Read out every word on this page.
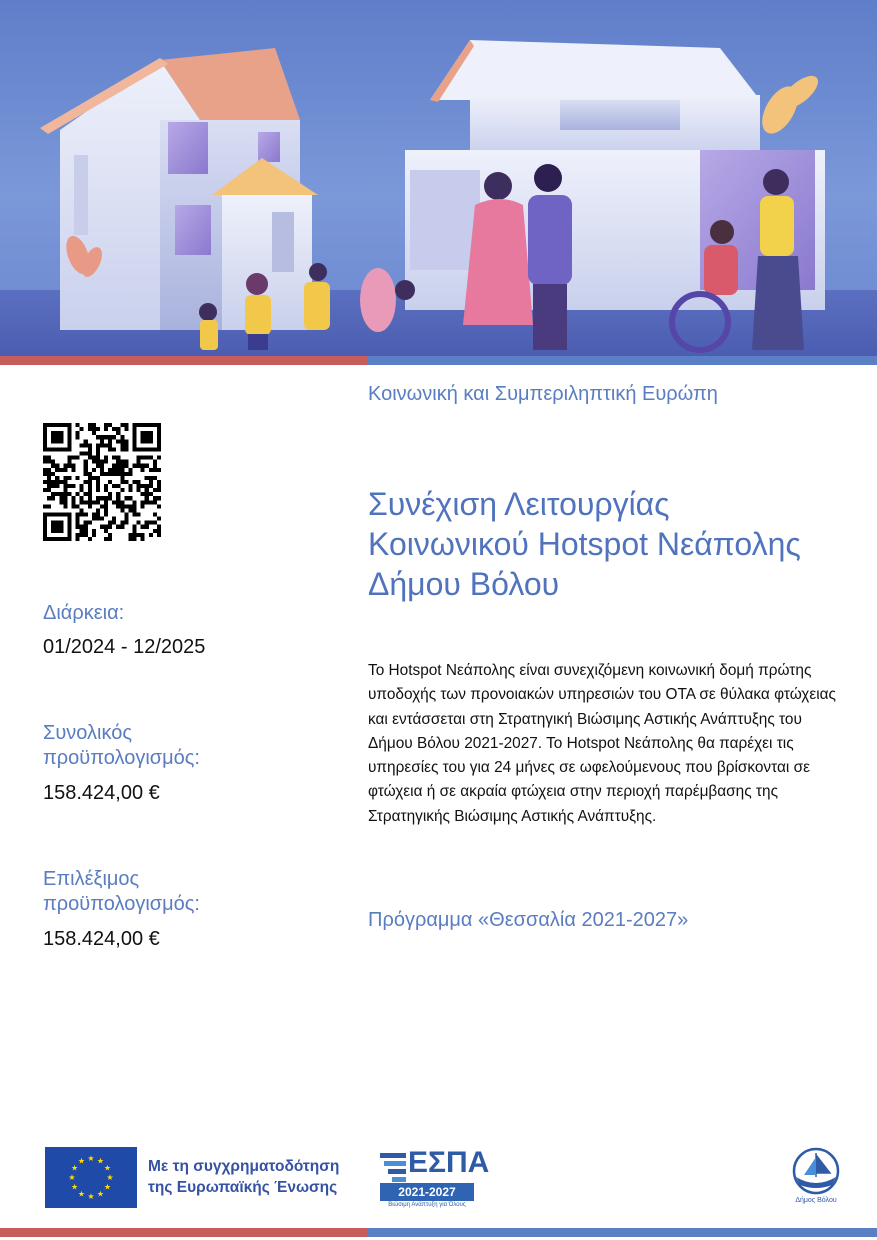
Διάρκεια:
01/2024 - 12/2025
Συνολικός προϋπολογισμός:
158.424,00 €
Επιλέξιμος προϋπολογισμός:
158.424,00 €
Κοινωνική και Συμπεριληπτική Ευρώπη
Συνέχιση Λειτουργίας Κοινωνικού Hotspot Νεάπολης Δήμου Βόλου

Το Hotspot Νεάπολης είναι συνεχιζόμενη κοινωνική δομή πρώτης υποδοχής των προνοιακών υπηρεσιών του ΟΤΑ σε θύλακα φτώχειας και εντάσσεται στη Στρατηγική Βιώσιμης Αστικής Ανάπτυξης του Δήμου Βόλου 2021-2027. Το Hotspot Νεάπολης θα παρέχει τις υπηρεσίες του για 24 μήνες σε ωφελούμενους που βρίσκονται σε φτώχεια ή σε ακραία φτώχεια στην περιοχή παρέμβασης της Στρατηγικής Βιώσιμης Αστικής Ανάπτυξης.

Πρόγραμμα «Θεσσαλία 2021-2027»
★ ★
★
★
★
★
★
★
★
★
★
★	Με τη συγχρηματοδότηση
της Ευρωπαϊκής Ένωσης
ΕΣΠΑ
2021-2027
Βιώσιμη Ανάπτυξη για Όλους
Δήμος Βόλου
